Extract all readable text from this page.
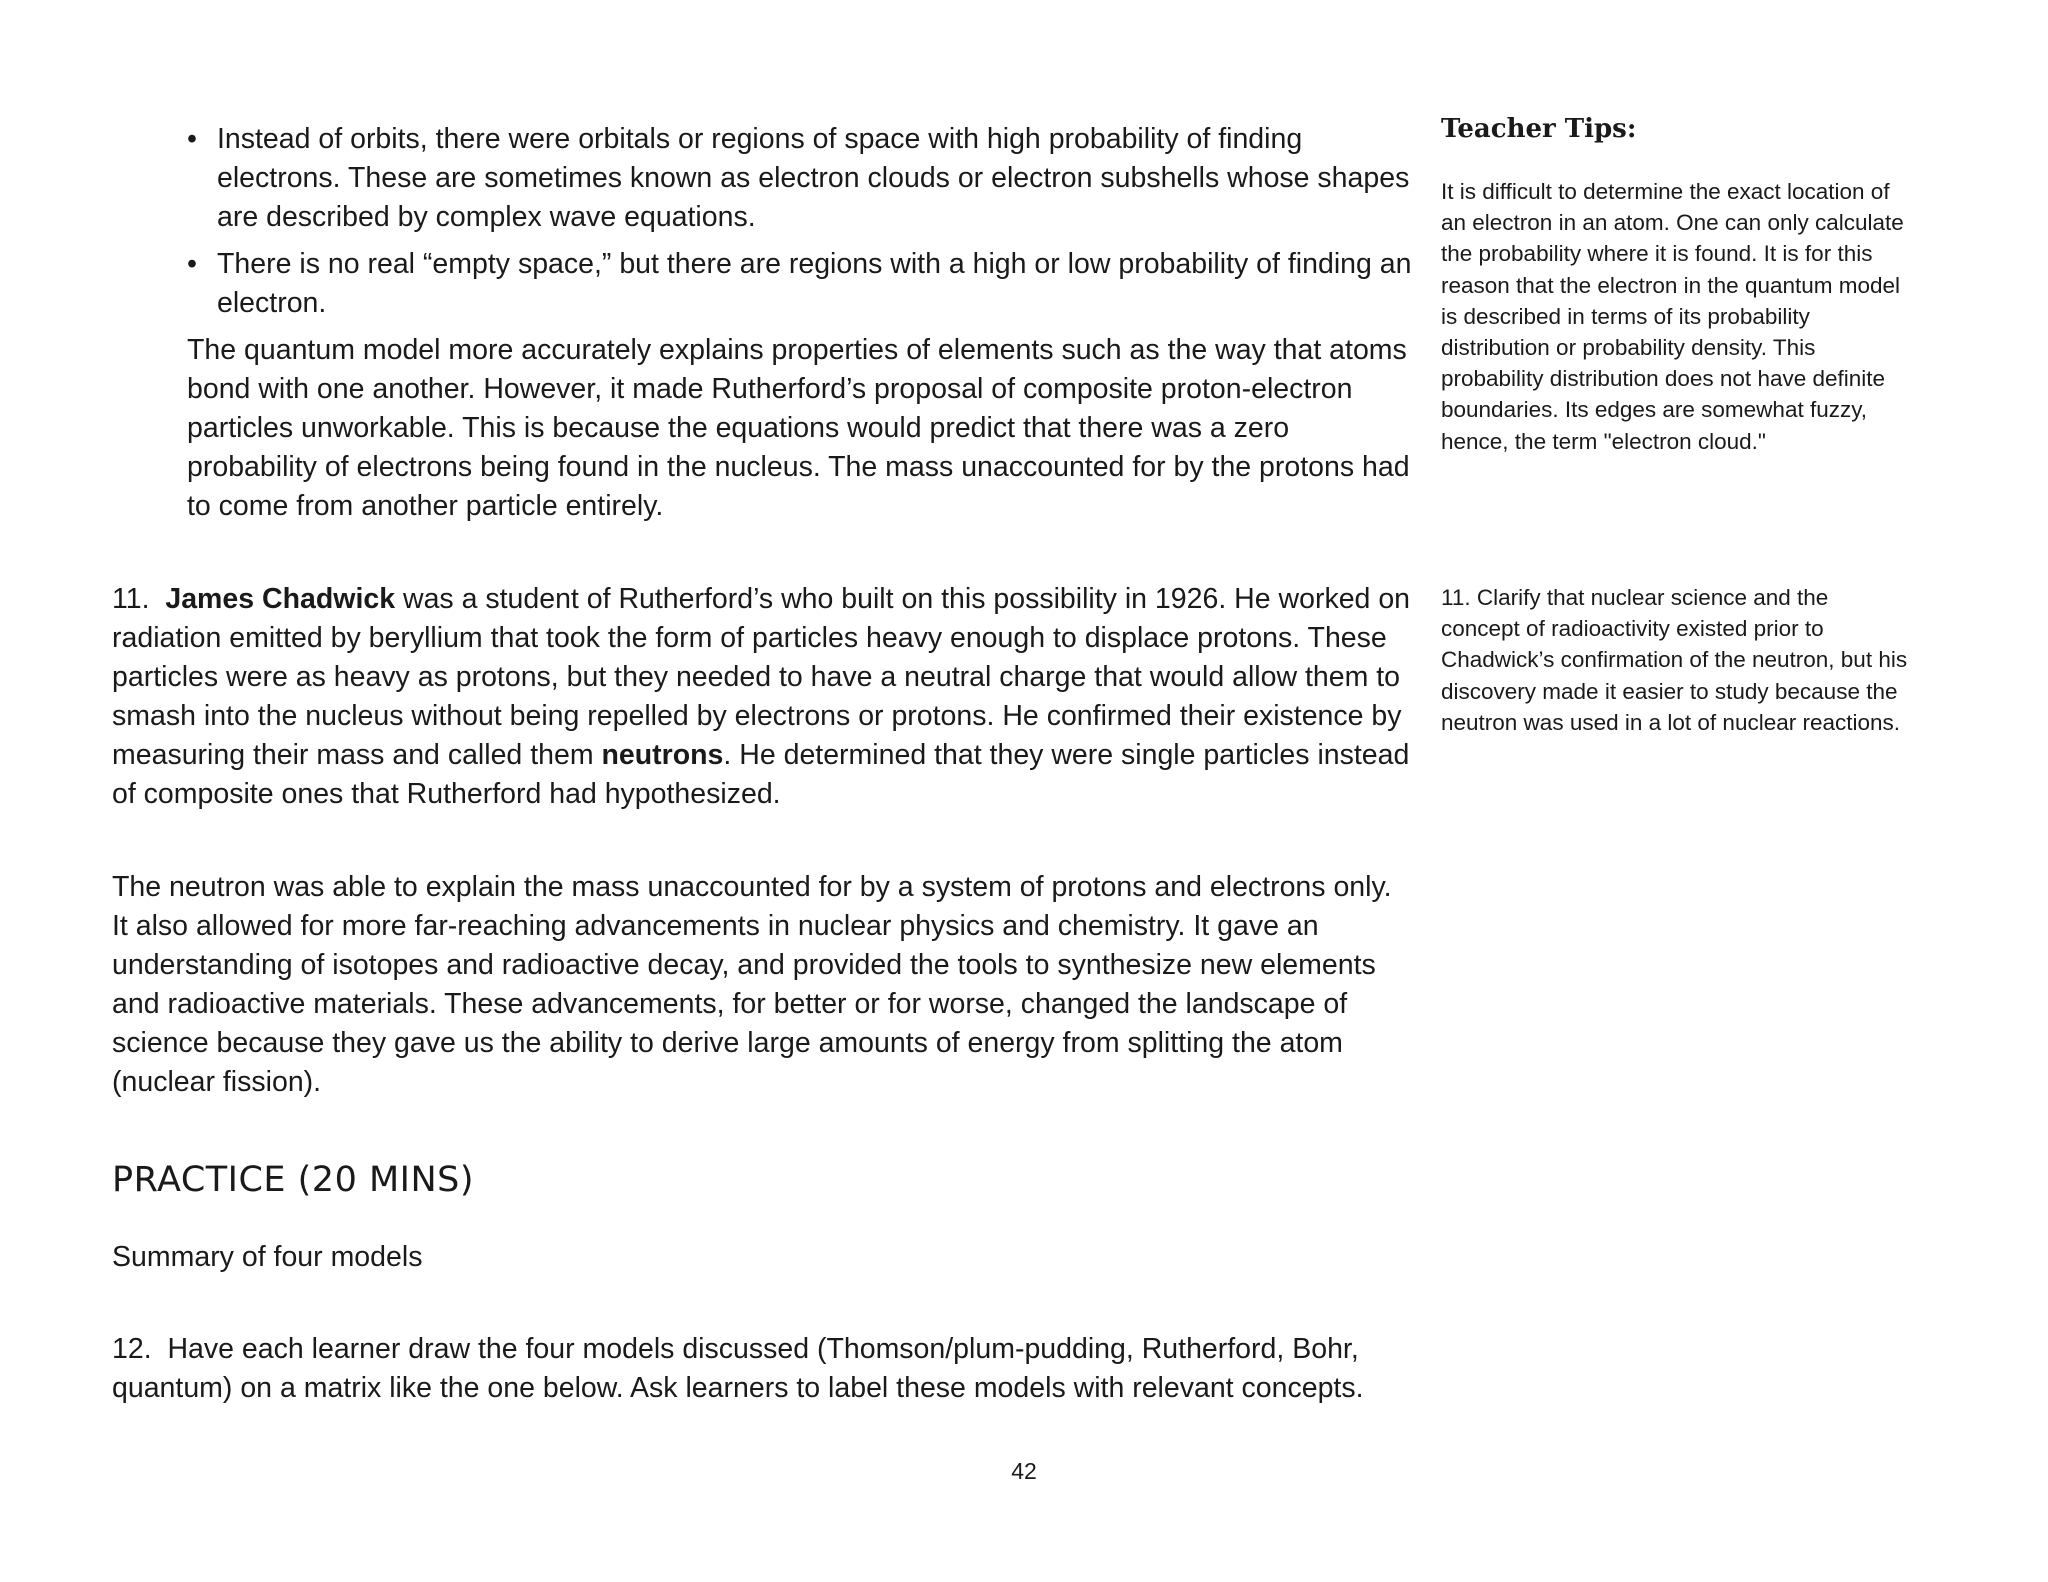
• Instead of orbits, there were orbitals or regions of space with high probability of finding electrons. These are sometimes known as electron clouds or electron subshells whose shapes are described by complex wave equations.

• There is no real “empty space,” but there are regions with a high or low probability of finding an electron.

The quantum model more accurately explains properties of elements such as the way that atoms bond with one another. However, it made Rutherford’s proposal of composite proton-electron particles unworkable. This is because the equations would predict that there was a zero probability of electrons being found in the nucleus. The mass unaccounted for by the protons had to come from another particle entirely.

11. James Chadwick was a student of Rutherford’s who built on this possibility in 1926. He worked on radiation emitted by beryllium that took the form of particles heavy enough to displace protons. These particles were as heavy as protons, but they needed to have a neutral charge that would allow them to smash into the nucleus without being repelled by electrons or protons. He confirmed their existence by measuring their mass and called them neutrons. He determined that they were single particles instead of composite ones that Rutherford had hypothesized.

The neutron was able to explain the mass unaccounted for by a system of protons and electrons only. It also allowed for more far-reaching advancements in nuclear physics and chemistry. It gave an understanding of isotopes and radioactive decay, and provided the tools to synthesize new elements and radioactive materials. These advancements, for better or for worse, changed the landscape of science because they gave us the ability to derive large amounts of energy from splitting the atom (nuclear fission).

PRACTICE (20 MINS)

Summary of four models

12. Have each learner draw the four models discussed (Thomson/plum-pudding, Rutherford, Bohr, quantum) on a matrix like the one below. Ask learners to label these models with relevant concepts.

Teacher Tips:

It is difficult to determine the exact location of an electron in an atom. One can only calculate the probability where it is found. It is for this reason that the electron in the quantum model is described in terms of its probability distribution or probability density. This probability distribution does not have definite boundaries. Its edges are somewhat fuzzy, hence, the term "electron cloud."

11. Clarify that nuclear science and the concept of radioactivity existed prior to Chadwick’s confirmation of the neutron, but his discovery made it easier to study because the neutron was used in a lot of nuclear reactions.

42
